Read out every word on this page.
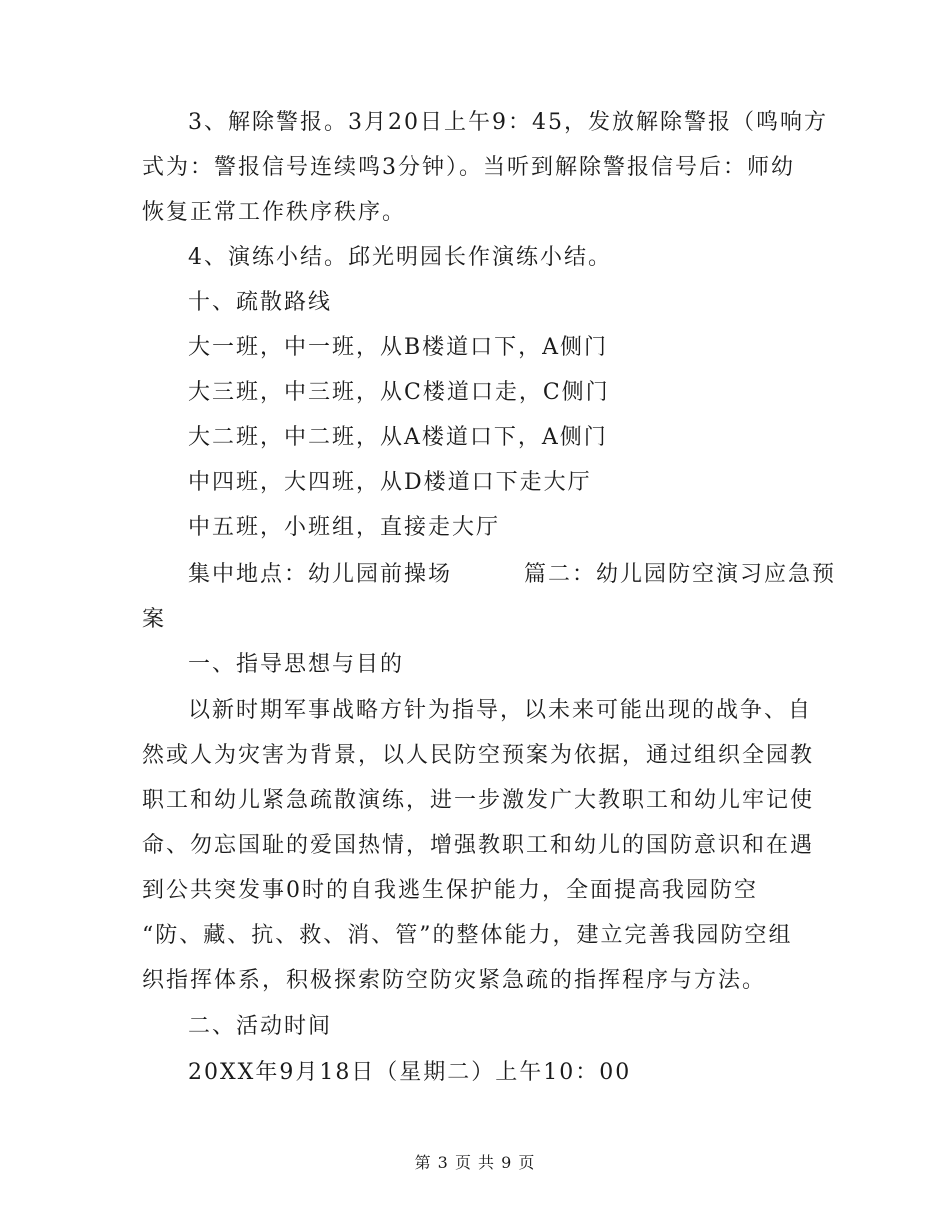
3、解除警报。3月20日上午9：45，发放解除警报（鸣响方
式为：警报信号连续鸣3分钟）。当听到解除警报信号后：师幼
恢复正常工作秩序秩序。
4、演练小结。邱光明园长作演练小结。
十、疏散路线
大一班，中一班，从B楼道口下，A侧门
大三班，中三班，从C楼道口走，C侧门
大二班，中二班，从A楼道口下，A侧门
中四班，大四班，从D楼道口下走大厅
中五班，小班组，直接走大厅
集中地点：幼儿园前操场　　　篇二：幼儿园防空演习应急预
案
一、指导思想与目的
以新时期军事战略方针为指导，以未来可能出现的战争、自
然或人为灾害为背景，以人民防空预案为依据，通过组织全园教
职工和幼儿紧急疏散演练，进一步激发广大教职工和幼儿牢记使
命、勿忘国耻的爱国热情，增强教职工和幼儿的国防意识和在遇
到公共突发事0时的自我逃生保护能力，全面提高我园防空
“防、藏、抗、救、消、管”的整体能力，建立完善我园防空组
织指挥体系，积极探索防空防灾紧急疏的指挥程序与方法。
二、活动时间
20XX年9月18日（星期二）上午10：00
第 3 页 共 9 页
